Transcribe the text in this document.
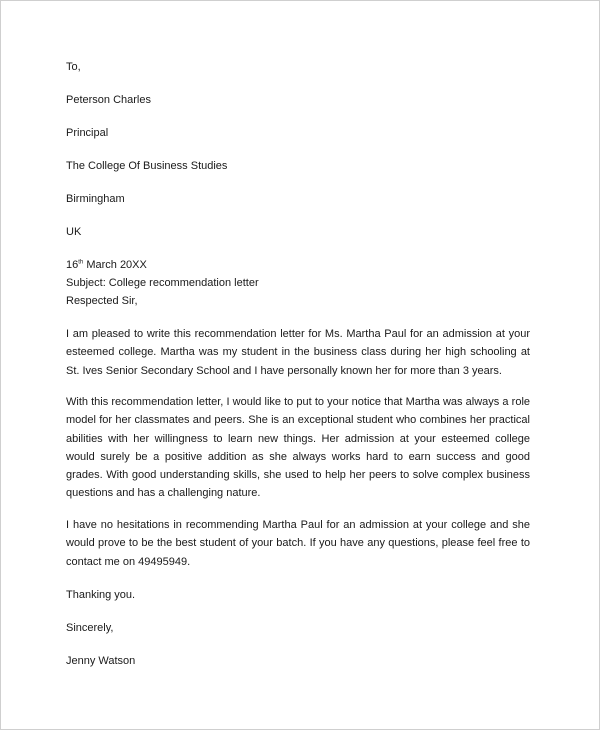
To,
Peterson Charles
Principal
The College Of Business Studies
Birmingham
UK
16th March 20XX
Subject: College recommendation letter
Respected Sir,
I am pleased to write this recommendation letter for Ms. Martha Paul for an admission at your esteemed college. Martha was my student in the business class during her high schooling at St. Ives Senior Secondary School and I have personally known her for more than 3 years.
With this recommendation letter, I would like to put to your notice that Martha was always a role model for her classmates and peers. She is an exceptional student who combines her practical abilities with her willingness to learn new things. Her admission at your esteemed college would surely be a positive addition as she always works hard to earn success and good grades. With good understanding skills, she used to help her peers to solve complex business questions and has a challenging nature.
I have no hesitations in recommending Martha Paul for an admission at your college and she would prove to be the best student of your batch. If you have any questions, please feel free to contact me on 49495949.
Thanking you.
Sincerely,
Jenny Watson
